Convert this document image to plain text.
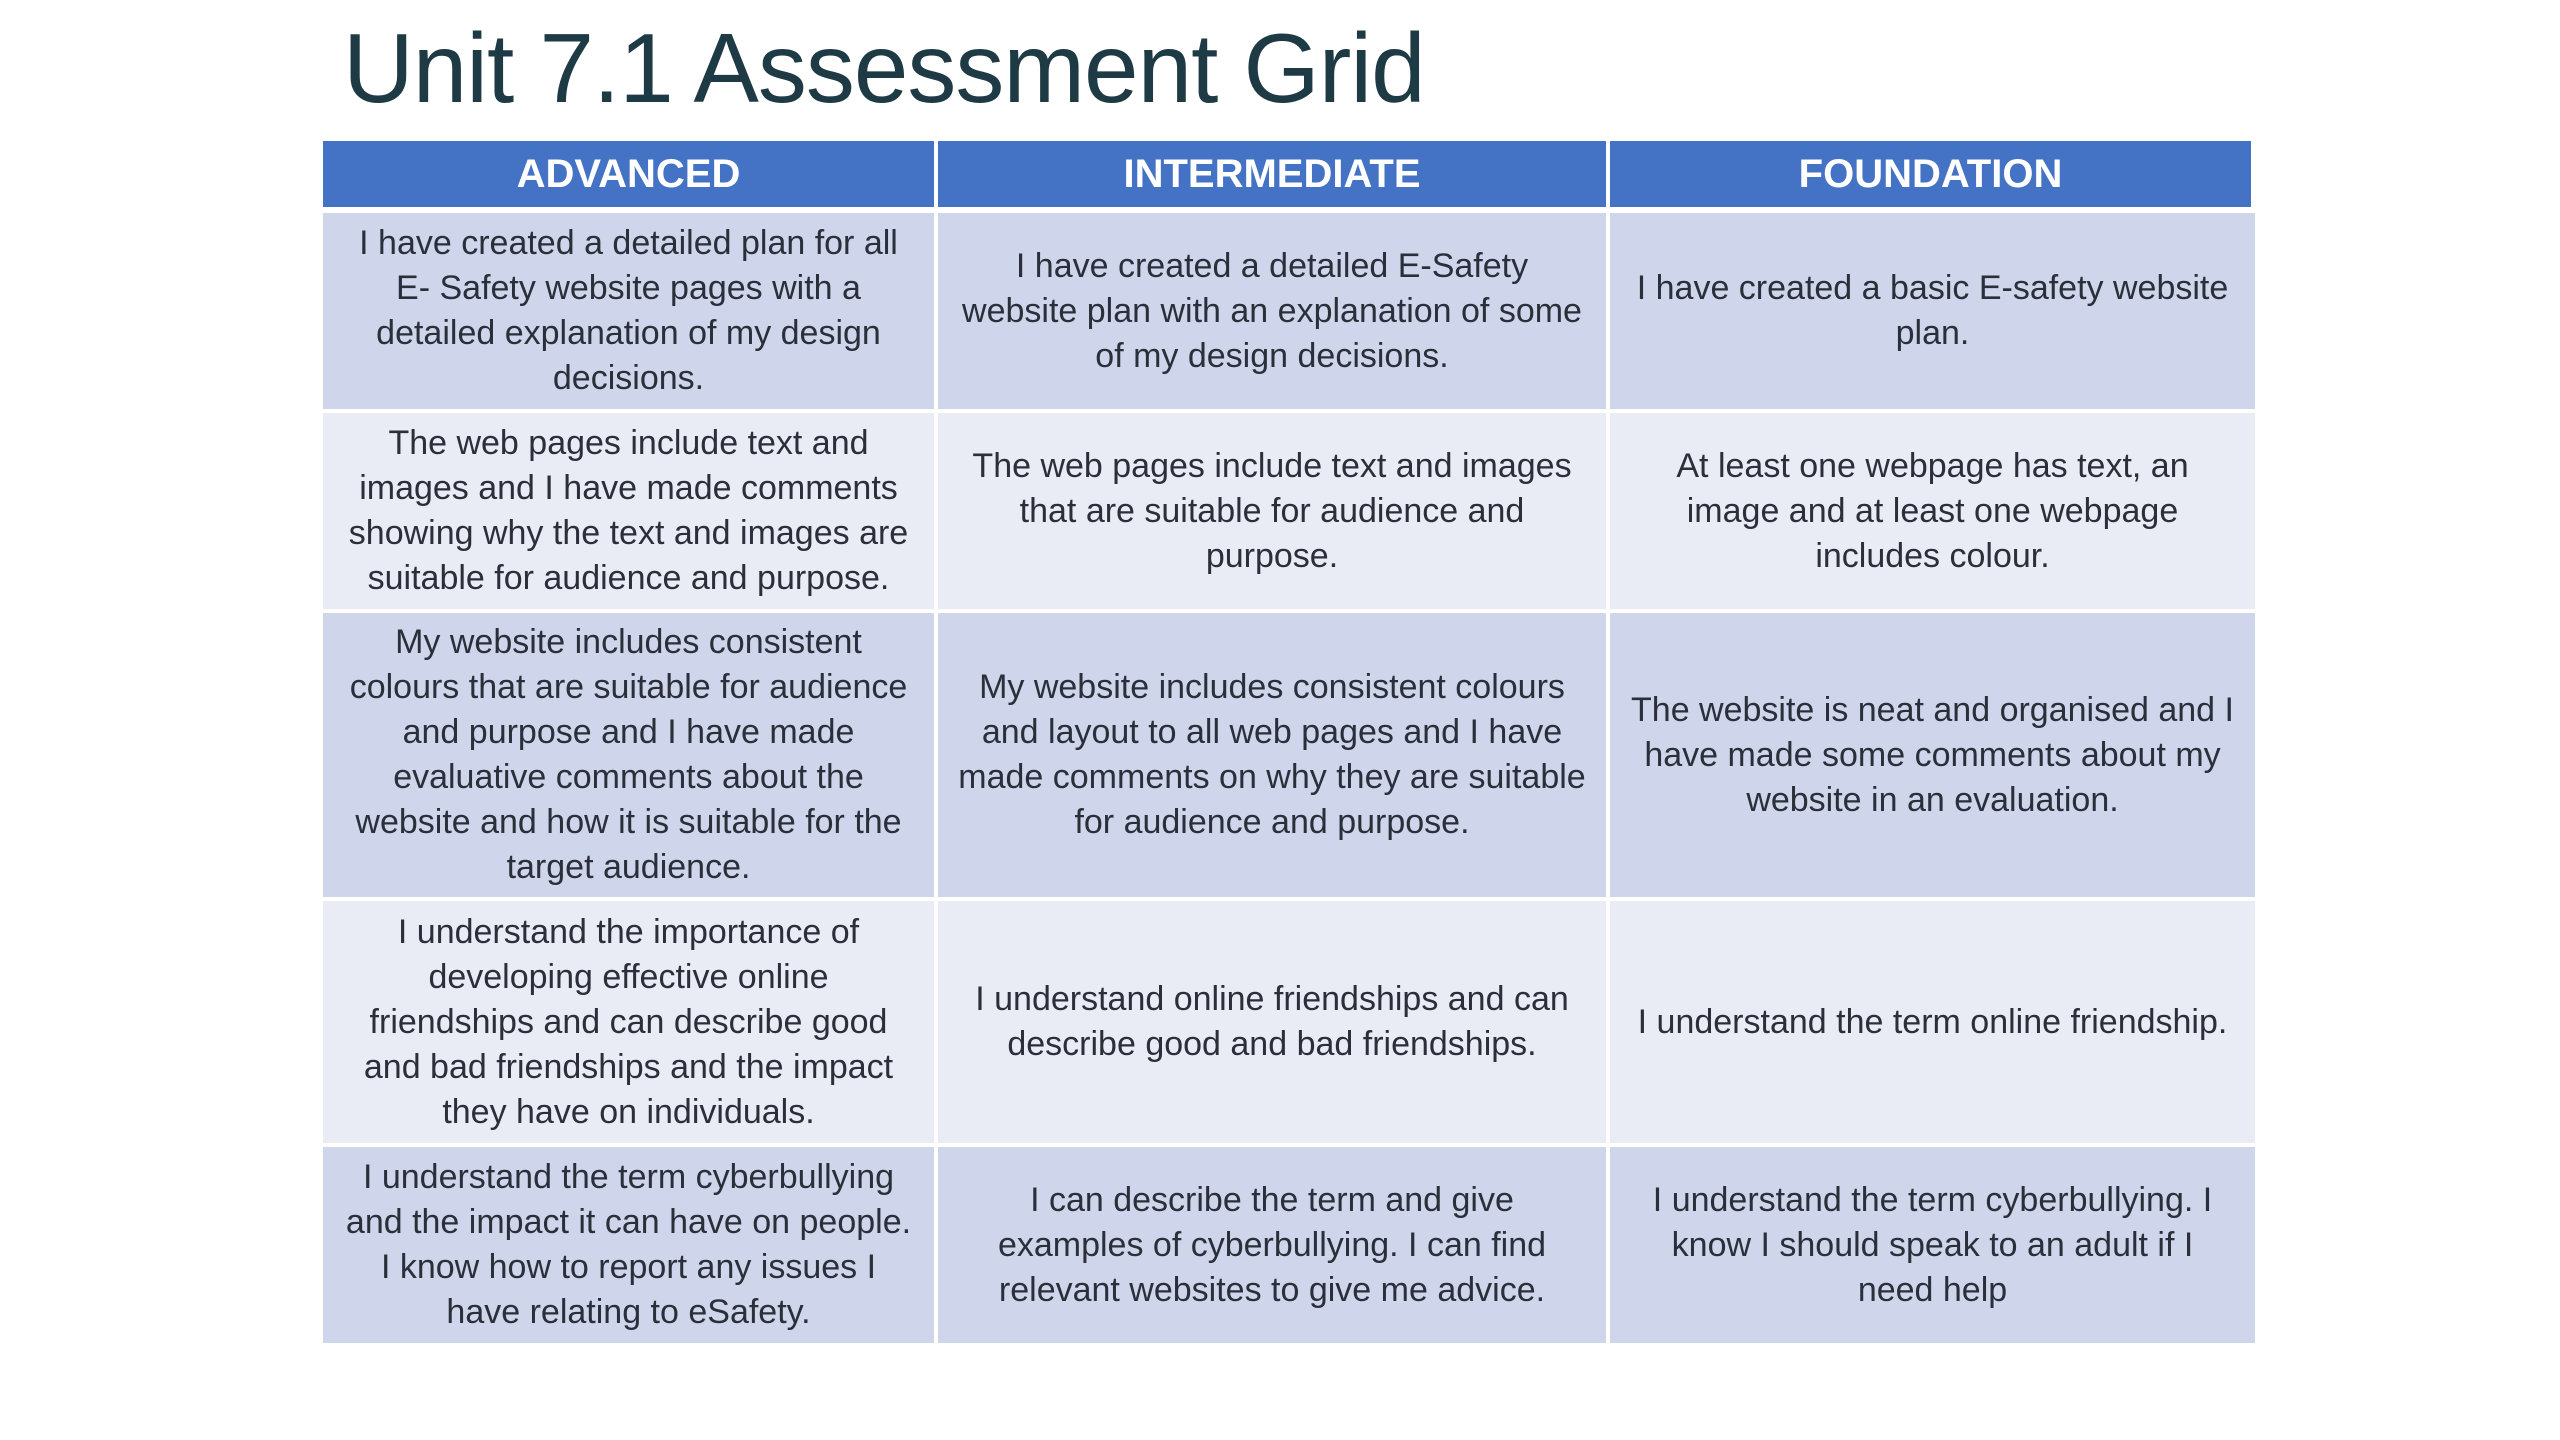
Unit 7.1 Assessment Grid
ADVANCED	INTERMEDIATE	FOUNDATION
I have created a detailed plan for all E- Safety website pages with a detailed explanation of my design decisions.
I have created a detailed E-Safety website plan with an explanation of some of my design decisions.
I have created a basic E-safety website plan.
The web pages include text and images and I have made comments showing why the text and images are suitable for audience and purpose.
The web pages include text and images that are suitable for audience and purpose.
At least one webpage has text, an image and at least one webpage includes colour.
My website includes consistent colours that are suitable for audience and purpose and I have made evaluative comments about the website and how it is suitable for the target audience.
My website includes consistent colours and layout to all web pages and I have made comments on why they are suitable for audience and purpose.
The website is neat and organised and I have made some comments about my website in an evaluation.
I understand the importance of developing effective online friendships and can describe good and bad friendships and the impact they have on individuals.
I understand online friendships and can describe good and bad friendships.
I understand the term online friendship.
I understand the term cyberbullying and the impact it can have on people. I know how to report any issues I have relating to eSafety.
I can describe the term and give examples of cyberbullying. I can find relevant websites to give me advice.
I understand the term cyberbullying. I know I should speak to an adult if I need help
